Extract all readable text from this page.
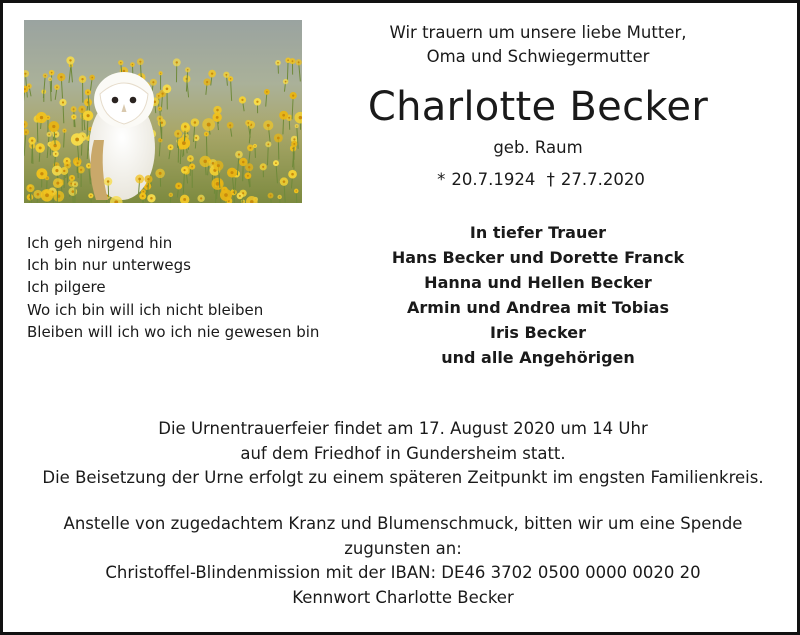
Wir trauern um unsere liebe Mutter,
Oma und Schwiegermutter
Charlotte Becker
geb. Raum
* 20.7.1924 † 27.7.2020
Ich geh nirgend hin
Ich bin nur unterwegs
Ich pilgere
Wo ich bin will ich nicht bleiben
Bleiben will ich wo ich nie gewesen bin
In tiefer Trauer
Hans Becker und Dorette Franck
Hanna und Hellen Becker
Armin und Andrea mit Tobias
Iris Becker
und alle Angehörigen
Die Urnentrauerfeier findet am 17. August 2020 um 14 Uhr
auf dem Friedhof in Gundersheim statt.
Die Beisetzung der Urne erfolgt zu einem späteren Zeitpunkt im engsten Familienkreis.
Anstelle von zugedachtem Kranz und Blumenschmuck, bitten wir um eine Spende
zugunsten an:
Christoffel-Blindenmission mit der IBAN: DE46 3702 0500 0000 0020 20
Kennwort Charlotte Becker
